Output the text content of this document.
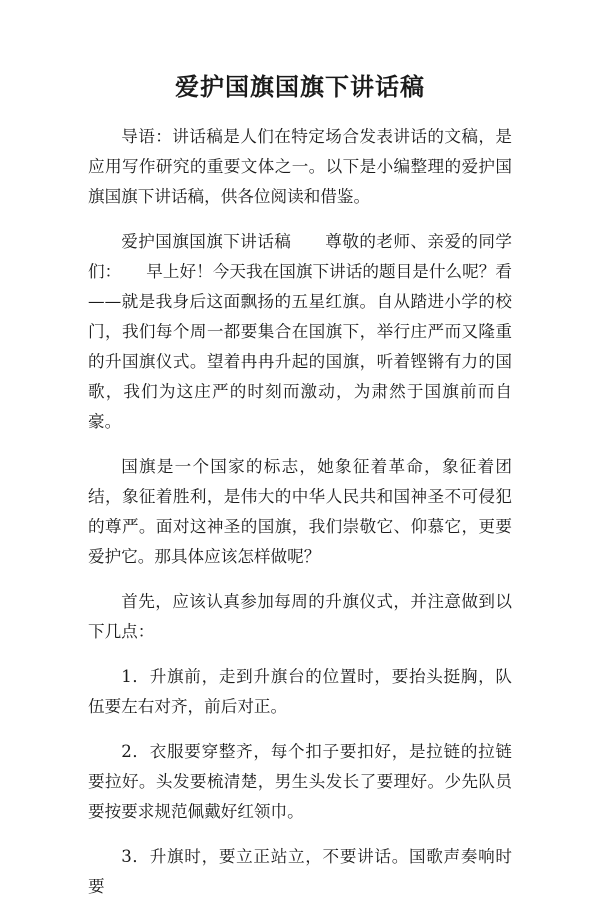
爱护国旗国旗下讲话稿

导语：讲话稿是人们在特定场合发表讲话的文稿，是应用写作研究的重要文体之一。以下是小编整理的爱护国旗国旗下讲话稿，供各位阅读和借鉴。

爱护国旗国旗下讲话稿　　尊敬的老师、亲爱的同学们：　　早上好！今天我在国旗下讲话的题目是什么呢？看——就是我身后这面飘扬的五星红旗。自从踏进小学的校门，我们每个周一都要集合在国旗下，举行庄严而又隆重的升国旗仪式。望着冉冉升起的国旗，听着铿锵有力的国歌，我们为这庄严的时刻而激动，为肃然于国旗前而自豪。

国旗是一个国家的标志，她象征着革命，象征着团结，象征着胜利，是伟大的中华人民共和国神圣不可侵犯的尊严。面对这神圣的国旗，我们崇敬它、仰慕它，更要爱护它。那具体应该怎样做呢？

首先，应该认真参加每周的升旗仪式，并注意做到以下几点：

1．升旗前，走到升旗台的位置时，要抬头挺胸，队伍要左右对齐，前后对正。

2．衣服要穿整齐，每个扣子要扣好，是拉链的拉链要拉好。头发要梳清楚，男生头发长了要理好。少先队员要按要求规范佩戴好红领巾。

3．升旗时，要立正站立，不要讲话。国歌声奏响时要
